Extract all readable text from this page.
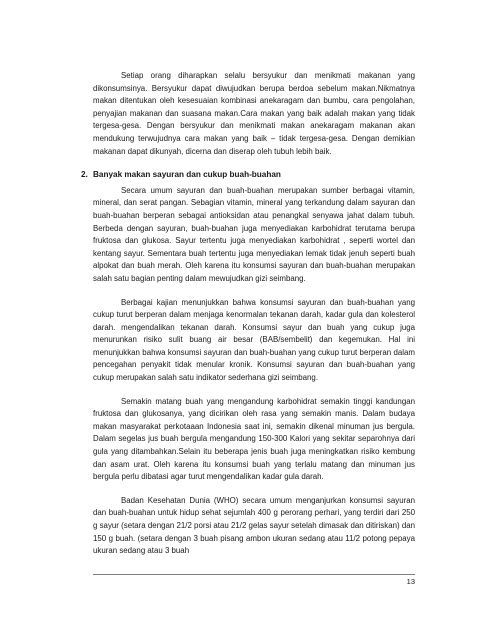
Setiap orang diharapkan selalu bersyukur dan menikmati makanan yang dikonsumsinya. Bersyukur dapat diwujudkan berupa berdoa sebelum makan.Nikmatnya makan ditentukan oleh kesesuaian kombinasi anekaragam dan bumbu, cara pengolahan, penyajian makanan dan suasana makan.Cara makan yang baik adalah makan yang tidak tergesa-gesa. Dengan bersyukur dan menikmati makan anekaragam makanan akan mendukung terwujudnya cara makan yang baik – tidak tergesa-gesa. Dengan demikian makanan dapat dikunyah, dicerna dan diserap oleh tubuh lebih baik.

2. Banyak makan sayuran dan cukup buah-buahan

Secara umum sayuran dan buah-buahan merupakan sumber berbagai vitamin, mineral, dan serat pangan. Sebagian vitamin, mineral yang terkandung dalam sayuran dan buah-buahan berperan sebagai antioksidan atau penangkal senyawa jahat dalam tubuh. Berbeda dengan sayuran, buah-buahan juga menyediakan karbohidrat terutama berupa fruktosa dan glukosa. Sayur tertentu juga menyediakan karbohidrat , seperti wortel dan kentang sayur. Sementara buah tertentu juga menyediakan lemak tidak jenuh seperti buah alpokat dan buah merah. Oleh karena itu konsumsi sayuran dan buah-buahan merupakan salah satu bagian penting dalam mewujudkan gizi seimbang.

Berbagai kajian menunjukkan bahwa konsumsi sayuran dan buah-buahan yang cukup turut berperan dalam menjaga kenormalan tekanan darah, kadar gula dan kolesterol darah. mengendalikan tekanan darah. Konsumsi sayur dan buah yang cukup juga menurunkan risiko sulit buang air besar (BAB/sembelit) dan kegemukan. Hal ini menunjukkan bahwa konsumsi sayuran dan buah-buahan yang cukup turut berperan dalam pencegahan penyakit tidak menular kronik. Konsumsi sayuran dan buah-buahan yang cukup merupakan salah satu indikator sederhana gizi seimbang.

Semakin matang buah yang mengandung karbohidrat semakin tinggi kandungan fruktosa dan glukosanya, yang dicirikan oleh rasa yang semakin manis. Dalam budaya makan masyarakat perkotaaan Indonesia saat ini, semakin dikenal minuman jus bergula. Dalam segelas jus buah bergula mengandung 150-300 Kalori yang sekitar separohnya dari gula yang ditambahkan.Selain itu beberapa jenis buah juga meningkatkan risiko kembung dan asam urat. Oleh karena itu konsumsi buah yang terlalu matang dan minuman jus bergula perlu dibatasi agar turut mengendalikan kadar gula darah.

Badan Kesehatan Dunia (WHO) secara umum menganjurkan konsumsi sayuran dan buah-buahan untuk hidup sehat sejumlah 400 g perorang perhari, yang terdiri dari 250 g sayur (setara dengan 21/2 porsi atau 21/2 gelas sayur setelah dimasak dan ditiriskan) dan 150 g buah. (setara dengan 3 buah pisang ambon ukuran sedang atau 11/2 potong pepaya ukuran sedang atau 3 buah

13
